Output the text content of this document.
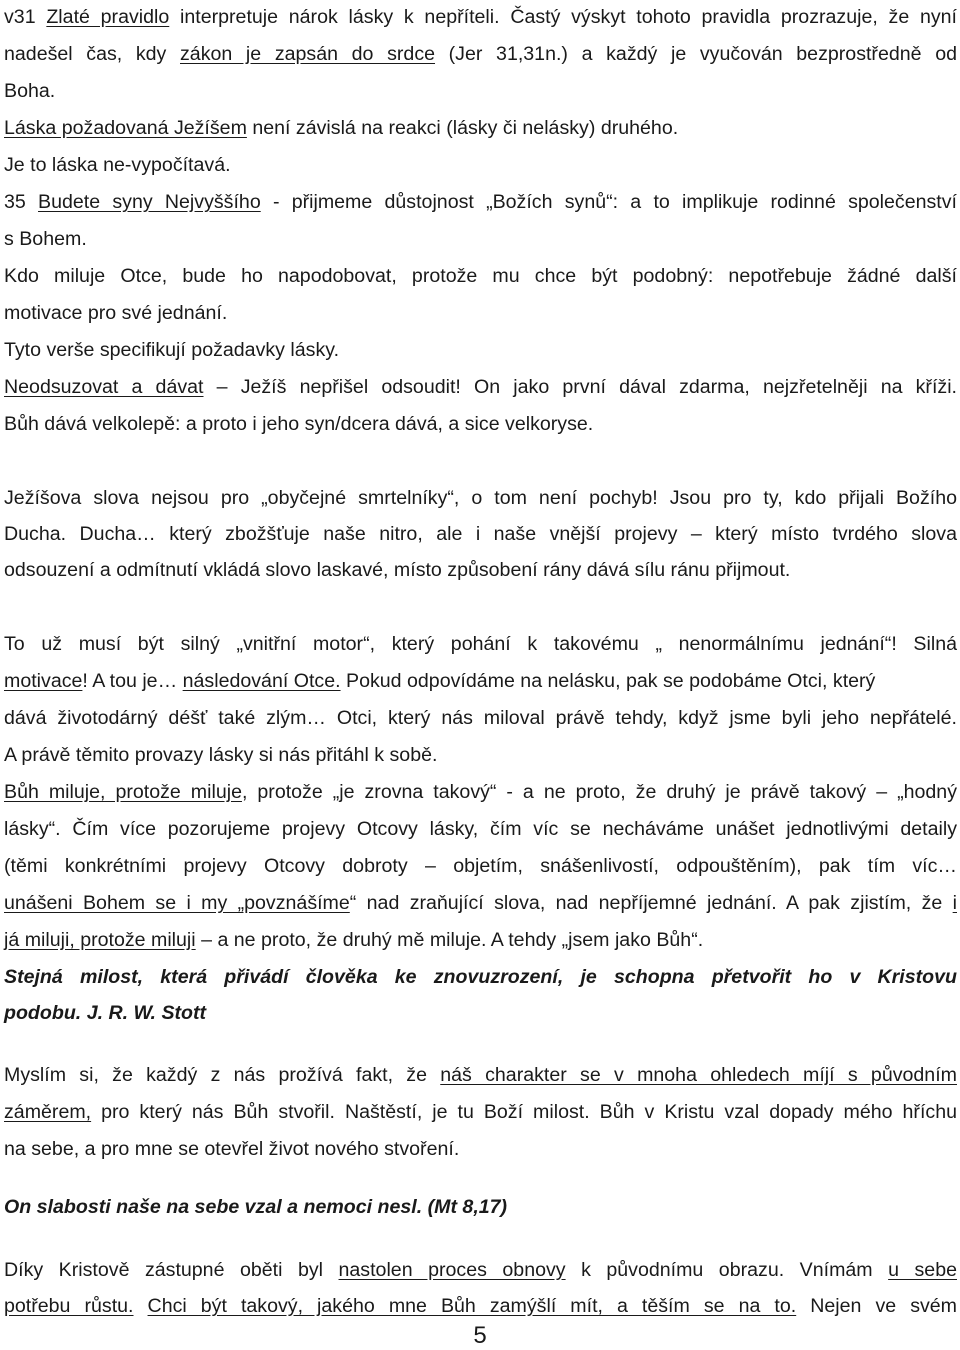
v31 Zlaté pravidlo interpretuje nárok lásky k nepříteli. Častý výskyt tohoto pravidla prozrazuje, že nyní
nadešel čas, kdy zákon je zapsán do srdce (Jer 31,31n.) a každý je vyučován bezprostředně od
Boha.
Láska požadovaná Ježíšem není závislá na reakci (lásky či nelásky) druhého.
Je to láska ne-vypočítavá.
35 Budete syny Nejvyššího - přijmeme důstojnost „Božích synů“: a to implikuje rodinné společenství
s Bohem.
Kdo miluje Otce, bude ho napodobovat, protože mu chce být podobný: nepotřebuje žádné další
motivace pro své jednání.
Tyto verše specifikují požadavky lásky.
Neodsuzovat a dávat – Ježíš nepřišel odsoudit! On jako první dával zdarma, nejzřetelněji na kříži.
Bůh dává velkolepě: a proto i jeho syn/dcera dává, a sice velkoryse.
Ježíšova slova nejsou pro „obyčejné smrtelníky“, o tom není pochyb! Jsou pro ty, kdo přijali Božího
Ducha. Ducha… který zbožšťuje naše nitro, ale i naše vnější projevy – který místo tvrdého slova
odsouzení a odmítnutí vkládá slovo laskavé, místo způsobení rány dává sílu ránu přijmout.
To už musí být silný „vnitřní motor“, který pohání k takovému „ nenormálnímu jednání“! Silná
motivace! A tou je… následování Otce. Pokud odpovídáme na nelásku, pak se podobáme Otci, který
dává životodárný déšť také zlým… Otci, který nás miloval právě tehdy, když jsme byli jeho nepřátelé.
A právě těmito provazy lásky si nás přitáhl k sobě.
Bůh miluje, protože miluje, protože „je zrovna takový“ - a ne proto, že druhý je právě takový – „hodný
lásky“. Čím více pozorujeme projevy Otcovy lásky, čím víc se necháváme unášet jednotlivými detaily
(těmi konkrétními projevy Otcovy dobroty – objetím, snášenlivostí, odpouštěním), pak tím víc…
unášeni Bohem se i my „povznášíme“ nad zraňující slova, nad nepříjemné jednání. A pak zjistím, že i
já miluji, protože miluji – a ne proto, že druhý mě miluje. A tehdy „jsem jako Bůh“.
Stejná milost, která přivádí člověka ke znovuzrození, je schopna přetvořit ho v Kristovu
podobu. J. R. W. Stott
Myslím si, že každý z nás prožívá fakt, že náš charakter se v mnoha ohledech míjí s původním
záměrem, pro který nás Bůh stvořil. Naštěstí, je tu Boží milost. Bůh v Kristu vzal dopady mého hříchu
na sebe, a pro mne se otevřel život nového stvoření.
On slabosti naše na sebe vzal a nemoci nesl. (Mt 8,17)
Díky Kristově zástupné oběti byl nastolen proces obnovy k původnímu obrazu. Vnímám u sebe
potřebu růstu. Chci být takový, jakého mne Bůh zamýšlí mít, a těším se na to. Nejen ve svém
5
